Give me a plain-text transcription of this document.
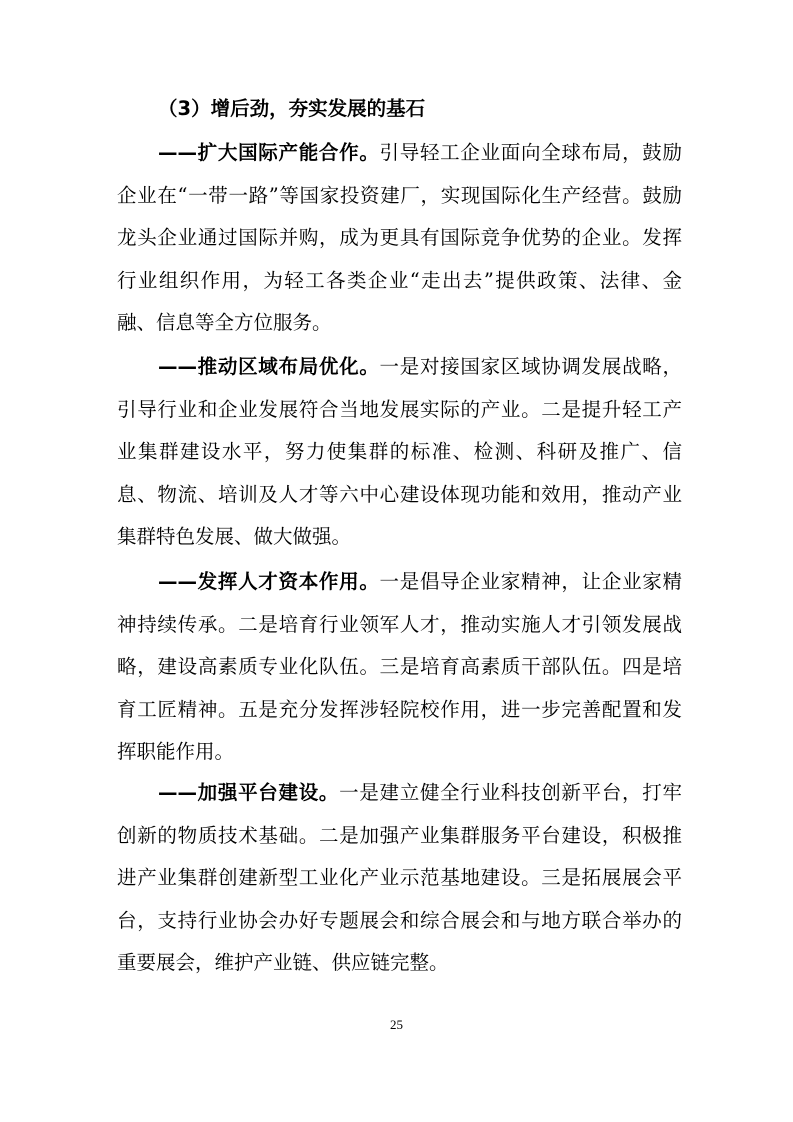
（3）增后劲，夯实发展的基石

——扩大国际产能合作。引导轻工企业面向全球布局，鼓励企业在“一带一路”等国家投资建厂，实现国际化生产经营。鼓励龙头企业通过国际并购，成为更具有国际竞争优势的企业。发挥行业组织作用，为轻工各类企业“走出去”提供政策、法律、金融、信息等全方位服务。

——推动区域布局优化。一是对接国家区域协调发展战略，引导行业和企业发展符合当地发展实际的产业。二是提升轻工产业集群建设水平，努力使集群的标准、检测、科研及推广、信息、物流、培训及人才等六中心建设体现功能和效用，推动产业集群特色发展、做大做强。

——发挥人才资本作用。一是倡导企业家精神，让企业家精神持续传承。二是培育行业领军人才，推动实施人才引领发展战略，建设高素质专业化队伍。三是培育高素质干部队伍。四是培育工匠精神。五是充分发挥涉轻院校作用，进一步完善配置和发挥职能作用。

——加强平台建设。一是建立健全行业科技创新平台，打牢创新的物质技术基础。二是加强产业集群服务平台建设，积极推进产业集群创建新型工业化产业示范基地建设。三是拓展展会平台，支持行业协会办好专题展会和综合展会和与地方联合举办的重要展会，维护产业链、供应链完整。

25
